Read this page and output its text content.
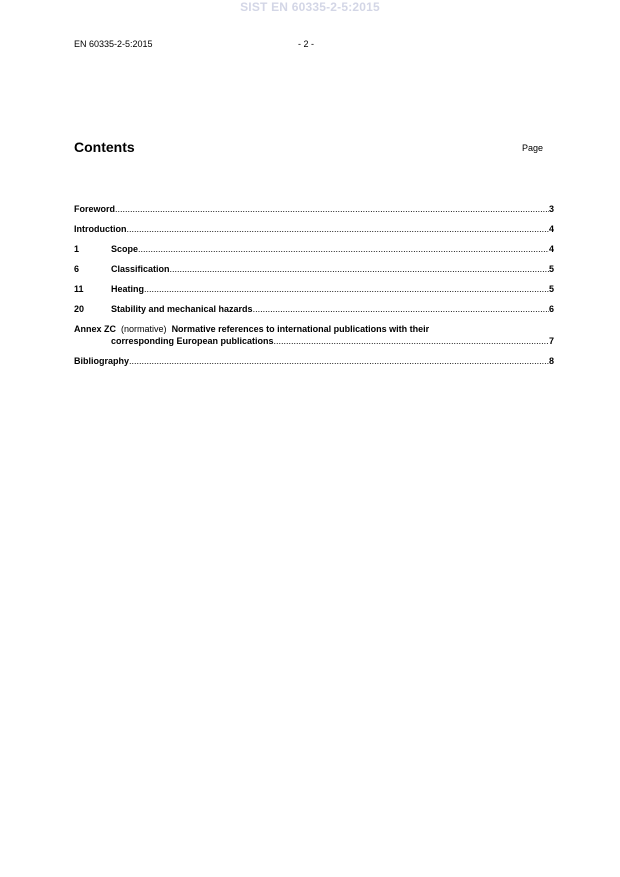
SIST EN 60335-2-5:2015
EN 60335-2-5:2015	- 2 -
Contents	Page
Foreword .....	3
Introduction .....	4
1	Scope .....	4
6	Classification .....	5
11	Heating .....	5
20	Stability and mechanical hazards .....	6
Annex ZC (normative) Normative references to international publications with their
corresponding European publications .....	7
Bibliography .....	8
